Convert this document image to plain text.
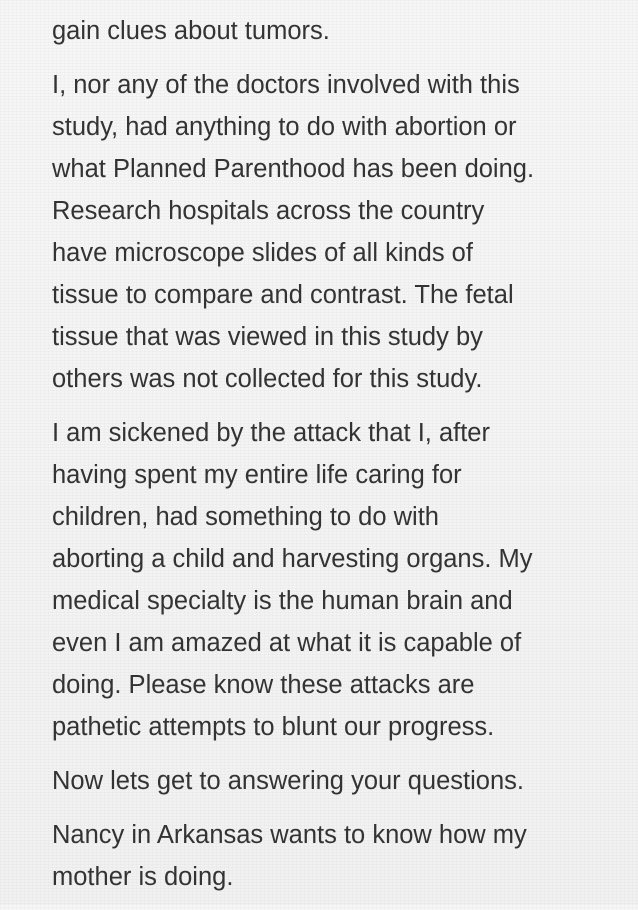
gain clues about tumors.

I, nor any of the doctors involved with this
study, had anything to do with abortion or
what Planned Parenthood has been doing.
Research hospitals across the country
have microscope slides of all kinds of
tissue to compare and contrast. The fetal
tissue that was viewed in this study by
others was not collected for this study.

I am sickened by the attack that I, after
having spent my entire life caring for
children, had something to do with
aborting a child and harvesting organs. My
medical specialty is the human brain and
even I am amazed at what it is capable of
doing. Please know these attacks are
pathetic attempts to blunt our progress.

Now lets get to answering your questions.

Nancy in Arkansas wants to know how my
mother is doing.
